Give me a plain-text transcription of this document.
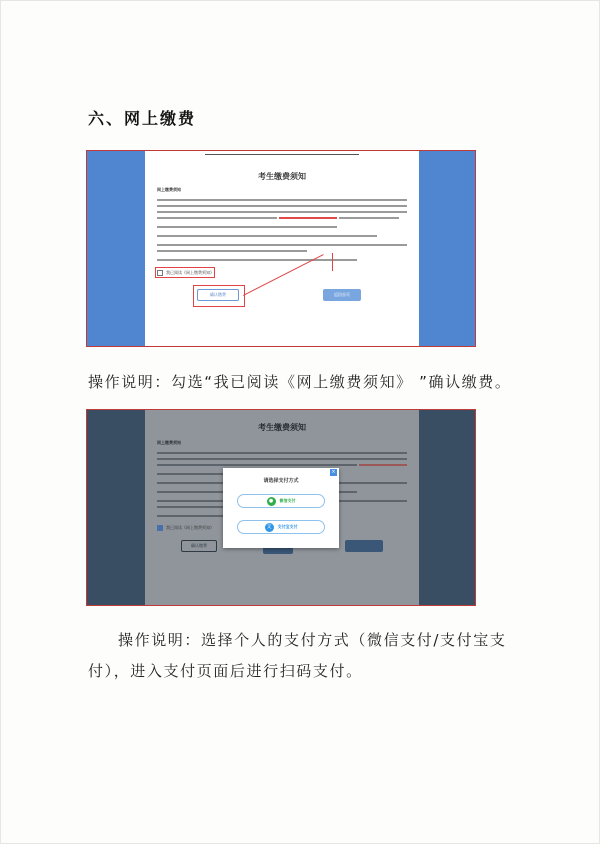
六、网上缴费
考生缴费须知
网上缴费须知
我已阅读《网上缴费须知》
确认缴费	返回首页
操作说明：勾选“我已阅读《网上缴费须知》 ”确认缴费。
考生缴费须知
网上缴费须知
我已阅读《网上缴费须知》
确认缴费
×
请选择支付方式
●	微信支付
支	支付宝支付
操作说明：选择个人的支付方式（微信支付/支付宝支付），进入支付页面后进行扫码支付。
